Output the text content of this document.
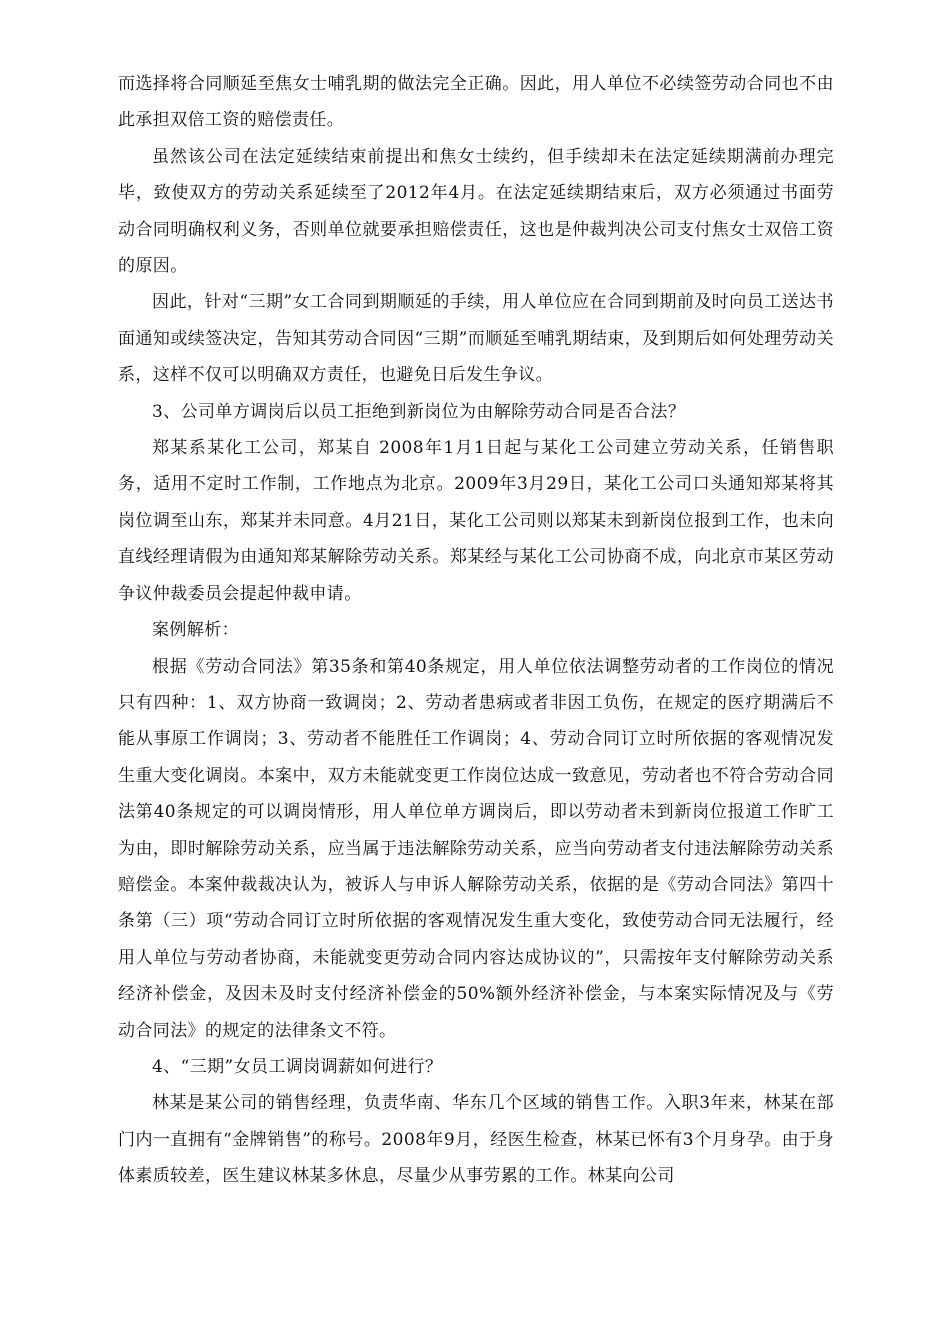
而选择将合同顺延至焦女士哺乳期的做法完全正确。因此，用人单位不必续签劳动合同也不由此承担双倍工资的赔偿责任。

虽然该公司在法定延续结束前提出和焦女士续约，但手续却未在法定延续期满前办理完毕，致使双方的劳动关系延续至了2012年4月。在法定延续期结束后，双方必须通过书面劳动合同明确权利义务，否则单位就要承担赔偿责任，这也是仲裁判决公司支付焦女士双倍工资的原因。

因此，针对“三期”女工合同到期顺延的手续，用人单位应在合同到期前及时向员工送达书面通知或续签决定，告知其劳动合同因“三期”而顺延至哺乳期结束，及到期后如何处理劳动关系，这样不仅可以明确双方责任，也避免日后发生争议。

3、公司单方调岗后以员工拒绝到新岗位为由解除劳动合同是否合法？

郑某系某化工公司，郑某自 2008年1月1日起与某化工公司建立劳动关系，任销售职务，适用不定时工作制，工作地点为北京。2009年3月29日，某化工公司口头通知郑某将其岗位调至山东，郑某并未同意。4月21日，某化工公司则以郑某未到新岗位报到工作，也未向直线经理请假为由通知郑某解除劳动关系。郑某经与某化工公司协商不成，向北京市某区劳动争议仲裁委员会提起仲裁申请。

案例解析：

根据《劳动合同法》第35条和第40条规定，用人单位依法调整劳动者的工作岗位的情况只有四种：1、双方协商一致调岗；2、劳动者患病或者非因工负伤，在规定的医疗期满后不能从事原工作调岗；3、劳动者不能胜任工作调岗；4、劳动合同订立时所依据的客观情况发生重大变化调岗。本案中，双方未能就变更工作岗位达成一致意见，劳动者也不符合劳动合同法第40条规定的可以调岗情形，用人单位单方调岗后，即以劳动者未到新岗位报道工作旷工为由，即时解除劳动关系，应当属于违法解除劳动关系，应当向劳动者支付违法解除劳动关系赔偿金。本案仲裁裁决认为，被诉人与申诉人解除劳动关系，依据的是《劳动合同法》第四十条第（三）项“劳动合同订立时所依据的客观情况发生重大变化，致使劳动合同无法履行，经用人单位与劳动者协商，未能就变更劳动合同内容达成协议的”，只需按年支付解除劳动关系经济补偿金，及因未及时支付经济补偿金的50%额外经济补偿金，与本案实际情况及与《劳动合同法》的规定的法律条文不符。

4、“三期”女员工调岗调薪如何进行？

林某是某公司的销售经理，负责华南、华东几个区域的销售工作。入职3年来，林某在部门内一直拥有“金牌销售”的称号。2008年9月，经医生检查，林某已怀有3个月身孕。由于身体素质较差，医生建议林某多休息，尽量少从事劳累的工作。林某向公司
